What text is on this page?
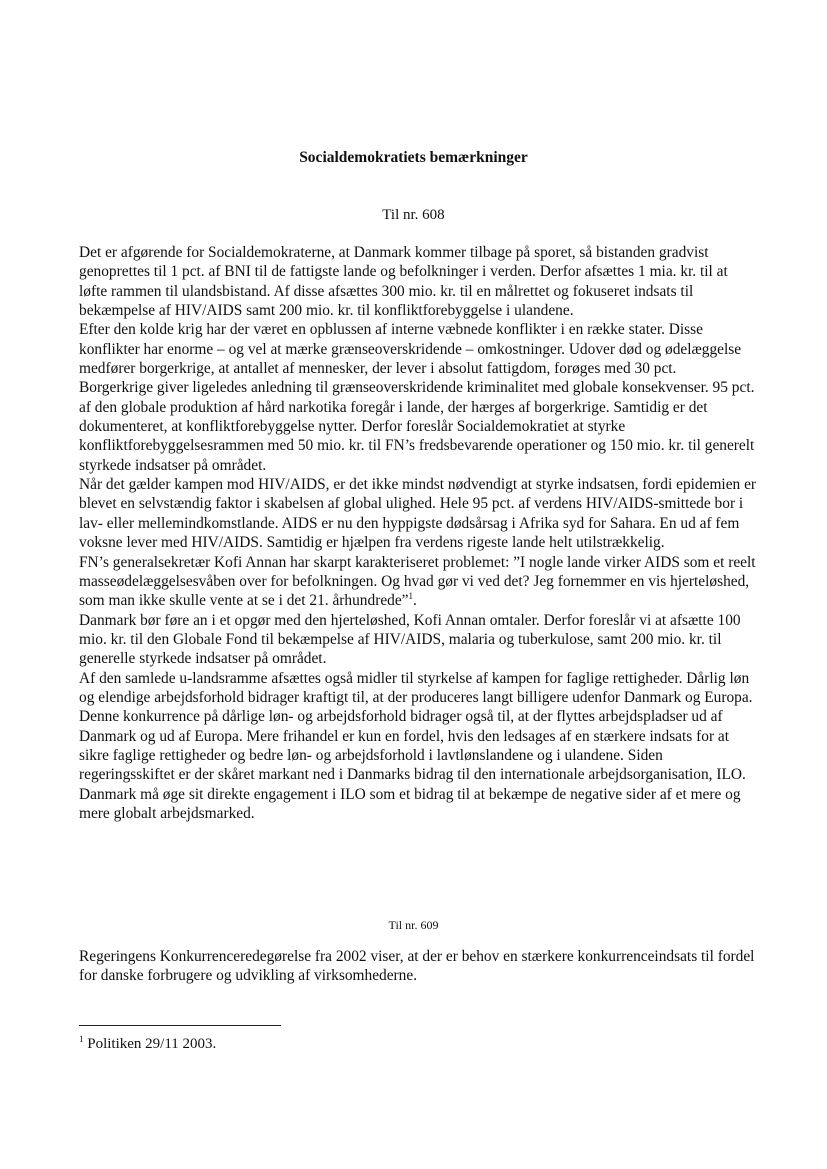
Socialdemokratiets bemærkninger

Til nr. 608

Det er afgørende for Socialdemokraterne, at Danmark kommer tilbage på sporet, så bistanden gradvist genoprettes til 1 pct. af BNI til de fattigste lande og befolkninger i verden. Derfor afsættes 1 mia. kr. til at løfte rammen til ulandsbistand. Af disse afsættes 300 mio. kr. til en målrettet og fokuseret indsats til bekæmpelse af HIV/AIDS samt 200 mio. kr. til konfliktforebyggelse i ulandene.

Efter den kolde krig har der været en opblussen af interne væbnede konflikter i en række stater. Disse konflikter har enorme – og vel at mærke grænseoverskridende – omkostninger. Udover død og ødelæggelse medfører borgerkrige, at antallet af mennesker, der lever i absolut fattigdom, forøges med 30 pct.

Borgerkrige giver ligeledes anledning til grænseoverskridende kriminalitet med globale konsekvenser. 95 pct. af den globale produktion af hård narkotika foregår i lande, der hærges af borgerkrige. Samtidig er det dokumenteret, at konfliktforebyggelse nytter. Derfor foreslår Socialdemokratiet at styrke konfliktforebyggelsesrammen med 50 mio. kr. til FN’s fredsbevarende operationer og 150 mio. kr. til generelt styrkede indsatser på området.

Når det gælder kampen mod HIV/AIDS, er det ikke mindst nødvendigt at styrke indsatsen, fordi epidemien er blevet en selvstændig faktor i skabelsen af global ulighed. Hele 95 pct. af verdens HIV/AIDS-smittede bor i lav- eller mellemindkomstlande. AIDS er nu den hyppigste dødsårsag i Afrika syd for Sahara. En ud af fem voksne lever med HIV/AIDS. Samtidig er hjælpen fra verdens rigeste lande helt utilstrækkelig.

FN’s generalsekretær Kofi Annan har skarpt karakteriseret problemet: ”I nogle lande virker AIDS som et reelt masseødelæggelsesvåben over for befolkningen. Og hvad gør vi ved det? Jeg fornemmer en vis hjerteløshed, som man ikke skulle vente at se i det 21. århundrede”$^1$.

Danmark bør føre an i et opgør med den hjerteløshed, Kofi Annan omtaler. Derfor foreslår vi at afsætte 100 mio. kr. til den Globale Fond til bekæmpelse af HIV/AIDS, malaria og tuberkulose, samt 200 mio. kr. til generelle styrkede indsatser på området.

Af den samlede u-landsramme afsættes også midler til styrkelse af kampen for faglige rettigheder. Dårlig løn og elendige arbejdsforhold bidrager kraftigt til, at der produceres langt billigere udenfor Danmark og Europa. Denne konkurrence på dårlige løn- og arbejdsforhold bidrager også til, at der flyttes arbejdspladser ud af Danmark og ud af Europa. Mere frihandel er kun en fordel, hvis den ledsages af en stærkere indsats for at sikre faglige rettigheder og bedre løn- og arbejdsforhold i lavtlønslandene og i ulandene. Siden regeringsskiftet er der skåret markant ned i Danmarks bidrag til den internationale arbejdsorganisation, ILO. Danmark må øge sit direkte engagement i ILO som et bidrag til at bekæmpe de negative sider af et mere og mere globalt arbejdsmarked.

Til nr. 609

Regeringens Konkurrenceredegørelse fra 2002 viser, at der er behov en stærkere konkurrenceindsats til fordel for danske forbrugere og udvikling af virksomhederne.

$^1$ Politiken 29/11 2003.
